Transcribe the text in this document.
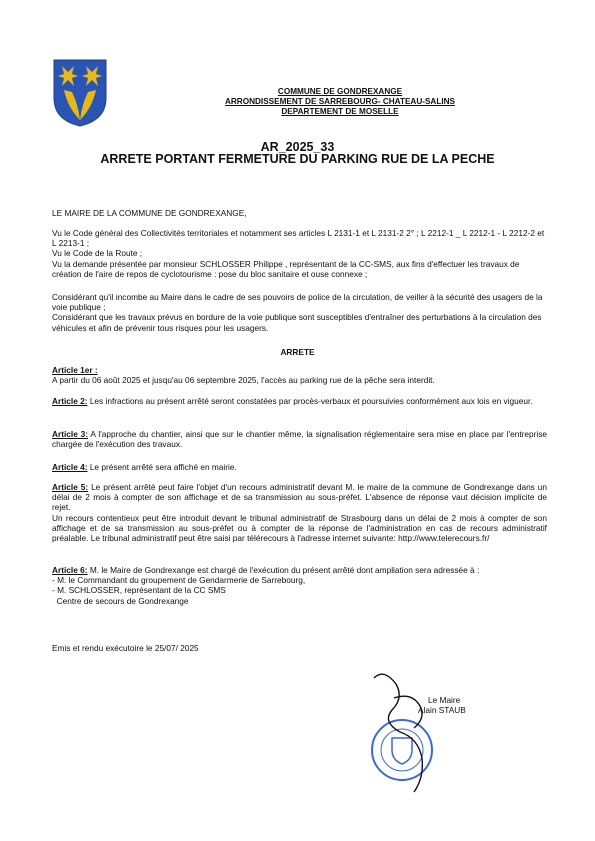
COMMUNE DE GONDREXANGE
ARRONDISSEMENT DE SARREBOURG- CHATEAU-SALINS
DEPARTEMENT DE MOSELLE
AR_2025_33
ARRETE PORTANT FERMETURE DU PARKING RUE DE LA PECHE
LE MAIRE DE LA COMMUNE DE GONDREXANGE,

Vu le Code général des Collectivités territoriales et notamment ses articles L 2131-1 et L 2131-2 2° ; L 2212-1 _ L 2212-1 - L 2212-2 et L 2213-1 ;

Vu le Code de la Route ;

Vu la demande présentée par monsieur SCHLOSSER Philippe , représentant de la CC-SMS, aux fins d'effectuer les travaux de création de l'aire de repos de cyclotourisme : pose du bloc sanitaire et ouse connexe ;

Considérant qu'il incombe au Maire dans le cadre de ses pouvoirs de police de la circulation, de veiller à la sécurité des usagers de la voie publique ;

Considérant que les travaux prévus en bordure de la voie publique sont susceptibles d'entraîner des perturbations à la circulation des véhicules et afin de prévenir tous risques pour les usagers.

ARRETE

Article 1er :

A partir du 06 août 2025 et jusqu'au 06 septembre 2025, l'accès au parking rue de la pêche sera interdit.

Article 2: Les infractions au présent arrêté seront constatées par procès-verbaux et poursuivies conformément aux lois en vigueur.

Article 3: A l'approche du chantier, ainsi que sur le chantier même, la signalisation réglementaire sera mise en place par l'entreprise chargée de l'exécution des travaux.

Article 4: Le présent arrêté sera affiché en mairie.

Article 5: Le présent arrêté peut faire l'objet d'un recours administratif devant M. le maire de la commune de Gondrexange dans un délai de 2 mois à compter de son affichage et de sa transmission au sous-préfet. L'absence de réponse vaut décision implicite de rejet.

Un recours contentieux peut être introduit devant le tribunal administratif de Strasbourg dans un délai de 2 mois à compter de son affichage et de sa transmission au sous-préfet ou à compter de la réponse de l'administration en cas de recours administratif préalable. Le tribunal administratif peut être saisi par télérecours à l'adresse internet suivante: http://www.telerecours.fr/

Article 6: M. le Maire de Gondrexange est chargé de l'exécution du présent arrêté dont ampliation sera adressée à :

- M. le Commandant du groupement de Gendarmerie de Sarrebourg,

- M. SCHLOSSER, représentant de la CC SMS

Centre de secours de Gondrexange

Emis et rendu exécutoire le 25/07/ 2025
Le Maire
Alain STAUB
